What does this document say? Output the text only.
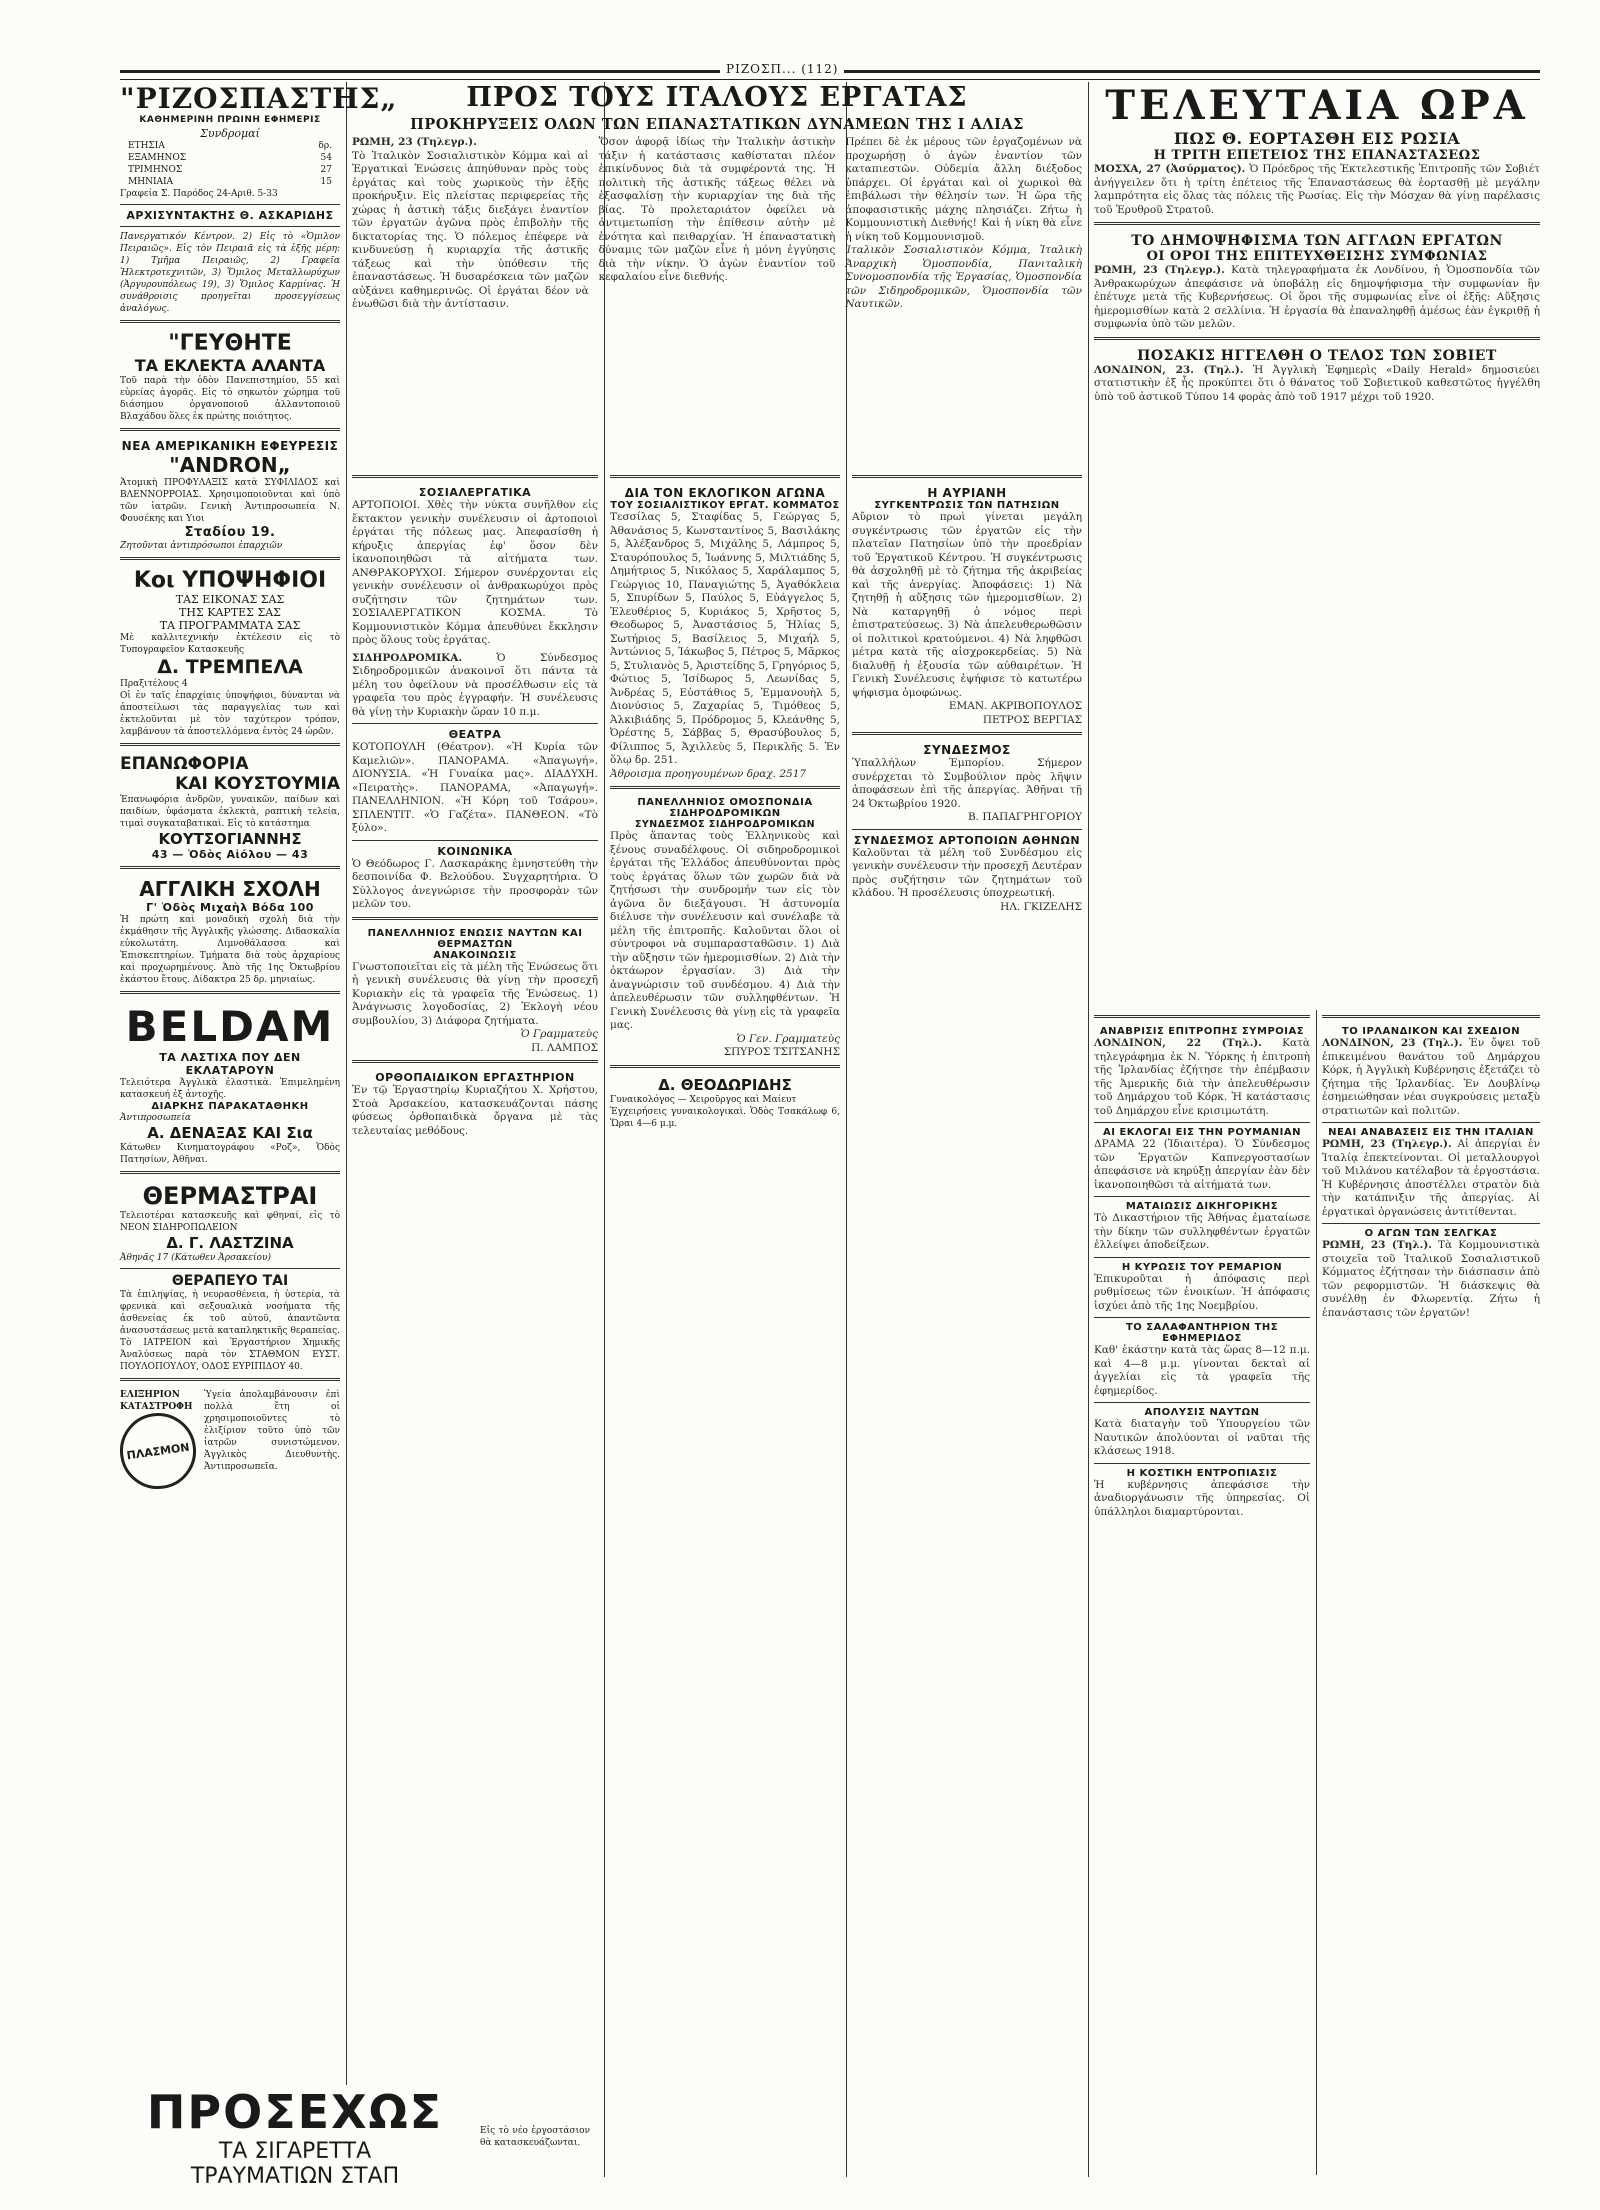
ΡΙΖΟΣΠ... (112)
"ΡΙΖΟΣΠΑΣΤΗΣ„
ΚΑΘΗΜΕΡΙΝΗ ΠΡΩΙΝΗ ΕΦΗΜΕΡΙΣ
Συνδρομαί
ΕΤΗΣΙΑ	δρ.
ΕΞΑΜΗΝΟΣ	54
ΤΡΙΜΗΝΟΣ	27
ΜΗΝΙΑΙΑ	15
Γραφεία Σ. Παρόδος 24-Αριθ. 5-33
ΑΡΧΙΣΥΝΤΑΚΤΗΣ Θ. ΑΣΚΑΡΙΔΗΣ
Πανεργατικόν Κέντρον. 2) Εἰς τὸ «Ὁμιλον Πειραιῶς». Εἰς τὸν Πειραιᾶ εἰς τὰ ἑξῆς μέρη: 1) Τμῆμα Πειραιῶς, 2) Γραφεῖα Ἠλεκτροτεχνιτῶν, 3) Ὅμιλος Μεταλλωρύχων (Ἀργυρουπόλεως 19), 3) Ὅμιλος Καρμίνας. Ἡ συνάθροισις προηγεῖται προσεγγίσεως ἀναλόγως.
"ΓΕΥΘΗΤΕ
ΤΑ ΕΚΛΕΚΤΑ ΑΛΑΝΤΑ
Τοῦ παρὰ τὴν ὁδὸν Πανεπιστημίου, 55 καὶ εὐρείας ἀγορᾶς. Εἰς τὸ σηκωτὸν χώρημα τοῦ διάσημου ὀργανοποιοῦ ἀλλαντοποιοῦ Βλαχάδου ὅλες ἐκ πρώτης ποιότητος.
ΝΕΑ ΑΜΕΡΙΚΑΝΙΚΗ ΕΦΕΥΡΕΣΙΣ
"ANDRON„
Ἀτομικὴ ΠΡΟΦΥΛΑΞΙΣ κατὰ ΣΥΦΙΛΙΔΟΣ καὶ ΒΛΕΝΝΟΡΡΟΙΑΣ. Χρησιμοποιοῦνται καὶ ὑπὸ τῶν ἰατρῶν. Γενικὴ Ἀντιπροσωπεία Ν. Φουσέκης και Υιοι
Σταδίου 19.
Ζητοῦνται ἀντιπρόσωποι ἐπαρχιῶν
Κοι ΥΠΟΨΗΦΙΟΙ
ΤΑΣ ΕΙΚΟΝΑΣ ΣΑΣ
ΤΗΣ ΚΑΡΤΕΣ ΣΑΣ
ΤΑ ΠΡΟΓΡΑΜΜΑΤΑ ΣΑΣ
Μὲ καλλιτεχνικὴν ἐκτέλεσιν εἰς τὸ Τυπογραφεῖον Κατασκευῆς
Δ. ΤΡΕΜΠΕΛΑ
Πραξιτέλους 4
Οἱ ἐν ταῖς ἐπαρχίαις ὑποψήφιοι, δύνανται νὰ ἀποστείλωσι τὰς παραγγελίας των καὶ ἐκτελοῦνται μὲ τὸν ταχύτερον τρόπον, λαμβάνουν τὰ ἀποστελλόμενα ἐντὸς 24 ὡρῶν.
ΕΠΑΝΩΦΟΡΙΑ
ΚΑΙ ΚΟΥΣΤΟΥΜΙΑ
Ἐπανωφόρια ἀνδρῶν, γυναικῶν, παίδων καὶ παιδίων, ὑφάσματα ἐκλεκτὰ, ραπτικὴ τελεία, τιμαὶ συγκαταβατικαὶ. Εἰς τὸ κατάστημα
ΚΟΥΤΣΟΓΙΑΝΝΗΣ
43 — Ὁδὸς Αἰόλου — 43
ΑΓΓΛΙΚΗ ΣΧΟΛΗ
Γ' Ὁδὸς Μιχαὴλ Βόδα 100
Ἡ πρώτη καὶ μοναδικὴ σχολὴ διὰ τὴν ἐκμάθησιν τῆς Ἀγγλικῆς γλώσσης. Διδασκαλία εὐκολωτάτη. Λιμνοθάλασσα καὶ Ἐπισκεπτηρίων. Τμήματα διὰ τοὺς ἀρχαρίους καὶ προχωρημένους. Ἀπὸ τῆς 1ης Ὀκτωβρίου ἑκάστου ἔτους. Δίδακτρα 25 δρ. μηνιαίως.
BELDAM
ΤΑ ΛΑΣΤΙΧΑ ΠΟΥ ΔΕΝ ΕΚΛΑΤΑΡΟΥΝ
Τελειότερα Ἀγγλικὰ ἐλαστικὰ. Ἐπιμελημένη κατασκευή ἐξ ἀντοχῆς.
ΔΙΑΡΚΗΣ ΠΑΡΑΚΑΤΑΘΗΚΗ
Ἀντιπροσωπεία
Α. ΔΕΝΑΞΑΣ ΚΑΙ Σια
Κάτωθεν Κινηματογράφου «Ροζ», Ὁδὸς Πατησίων, Ἀθῆναι.
ΘΕΡΜΑΣΤΡΑΙ
Τελειοτέραι κατασκευῆς καὶ φθηναί, εἰς τὸ ΝΕΟΝ ΣΙΔΗΡΟΠΩΛΕΙΟΝ
Δ. Γ. ΛΑΣΤΖΙΝΑ
Ἀθηνᾶς 17 (Κάτωθεν Ἀρσακείου)
ΘΕΡΑΠΕΥΟ ΤΑΙ
Τὰ ἐπιληψίας, ἡ νευρασθένεια, ἡ ὑστερία, τὰ φρενικὰ καὶ σεξουαλικὰ νοσήματα τῆς ἀσθενείας ἐκ τοῦ αὐτοῦ, ἀπαντῶντα ἀνασυστάσεως μετὰ καταπληκτικῆς θεραπείας. Τὸ ΙΑΤΡΕΙΟΝ καὶ Ἐργαστήριον Χημικῆς Ἀναλύσεως παρὰ τὸν ΣΤΑΘΜΟΝ ΕΥΣΤ. ΠΟΥΛΟΠΟΥΛΟΥ, ΟΔΟΣ ΕΥΡΙΠΙΔΟΥ 40.
ΕΛΙΞΗΡΙΟΝ ΚΑΤΑΣΤΡΟΦΗ
ΠΛΑΣΜΟΝ
Ὑγεία ἀπολαμβάνουσιν ἐπὶ πολλὰ ἔτη οἱ χρησιμοποιοῦντες τὸ ἐλιξίριον τοῦτο ὑπὸ τῶν ἰατρῶν συνιστώμενον. Ἀγγλικὸς Διευθυντὴς. Ἀντιπροσωπεῖα.
ΠΡΟΣ ΤΟΥΣ ΙΤΑΛΟΥΣ ΕΡΓΑΤΑΣ
ΠΡΟΚΗΡΥΞΕΙΣ ΟΛΩΝ ΤΩΝ ΕΠΑΝΑΣΤΑΤΙΚΩΝ ΔΥΝΑΜΕΩΝ ΤΗΣ Ι ΑΛΙΑΣ
ΡΩΜΗ, 23 (Τηλεγρ.).
Τὸ Ἰταλικὸν Σοσιαλιστικὸν Κόμμα καὶ αἱ Ἐργατικαὶ Ἑνώσεις ἀπηύθυναν πρὸς τοὺς ἐργάτας καὶ τοὺς χωρικοὺς τὴν ἑξῆς προκήρυξιν. Εἰς πλείστας περιφερείας τῆς χώρας ἡ ἀστικὴ τάξις διεξάγει ἐναντίον τῶν ἐργατῶν ἀγῶνα πρὸς ἐπιβολὴν τῆς δικτατορίας της. Ὁ πόλεμος ἐπέφερε νὰ κινδυνεύσῃ ἡ κυριαρχία τῆς ἀστικῆς τάξεως καὶ τὴν ὑπόθεσιν τῆς ἐπαναστάσεως. Ἡ δυσαρέσκεια τῶν μαζῶν αὐξάνει καθημερινῶς. Οἱ ἐργάται δέον νὰ ἑνωθῶσι διὰ τὴν ἀντίστασιν.
Ὅσον ἀφορᾷ ἰδίως τὴν Ἰταλικὴν ἀστικὴν τάξιν ἡ κατάστασις καθίσταται πλέον ἐπικίνδυνος διὰ τὰ συμφέροντά της. Ἡ πολιτικὴ τῆς ἀστικῆς τάξεως θέλει νὰ ἐξασφαλίσῃ τὴν κυριαρχίαν της διὰ τῆς βίας. Τὸ προλεταριάτον ὀφείλει νὰ ἀντιμετωπίσῃ τὴν ἐπίθεσιν αὐτὴν μὲ ἑνότητα καὶ πειθαρχίαν. Ἡ ἐπαναστατικὴ δύναμις τῶν μαζῶν εἶνε ἡ μόνη ἐγγύησις διὰ τὴν νίκην. Ὁ ἀγὼν ἐναντίον τοῦ κεφαλαίου εἶνε διεθνής.
Πρέπει δὲ ἐκ μέρους τῶν ἐργαζομένων νὰ προχωρήσῃ ὁ ἀγὼν ἐναντίον τῶν καταπιεστῶν. Οὐδεμία ἄλλη διέξοδος ὑπάρχει. Οἱ ἐργάται καὶ οἱ χωρικοὶ θὰ ἐπιβάλωσι τὴν θέλησίν των. Ἡ ὥρα τῆς ἀποφασιστικῆς μάχης πλησιάζει. Ζήτω ἡ Κομμουνιστικὴ Διεθνής! Καὶ ἡ νίκη θὰ εἶνε ἡ νίκη τοῦ Κομμουνισμοῦ.
Ἰταλικὸν Σοσιαλιστικὸν Κόμμα, Ἰταλικὴ Ἀναρχικὴ Ὁμοσπονδία, Πανιταλικὴ Συνομοσπονδία τῆς Ἐργασίας, Ὁμοσπονδία τῶν Σιδηροδρομικῶν, Ὁμοσπονδία τῶν Ναυτικῶν.
ΣΟΣΙΑΛΕΡΓΑΤΙΚΑ
ΑΡΤΟΠΟΙΟΙ. Χθὲς τὴν νύκτα συνῆλθον εἰς ἔκτακτον γενικὴν συνέλευσιν οἱ ἀρτοποιοὶ ἐργάται τῆς πόλεως μας. Ἀπεφασίσθη ἡ κήρυξις ἀπεργίας ἐφ' ὅσον δὲν ἱκανοποιηθῶσι τὰ αἰτήματα των. ΑΝΘΡΑΚΟΡΥΧΟΙ. Σήμερον συνέρχονται εἰς γενικὴν συνέλευσιν οἱ ἀνθρακωρύχοι πρὸς συζήτησιν τῶν ζητημάτων των. ΣΟΣΙΑΛΕΡΓΑΤΙΚΟΝ ΚΟΣΜΑ. Τὸ Κομμουνιστικὸν Κόμμα ἀπευθύνει ἔκκλησιν πρὸς ὅλους τοὺς ἐργάτας.
ΣΙΔΗΡΟΔΡΟΜΙΚΑ.	Ὁ Σύνδεσμος Σιδηροδρομικῶν ἀνακοινοῖ ὅτι πάντα τὰ μέλη του ὀφείλουν νὰ προσέλθωσιν εἰς τὰ γραφεῖα του πρὸς ἐγγραφήν. Ἡ συνέλευσις θὰ γίνῃ τὴν Κυριακὴν ὥραν 10 π.μ.
ΘΕΑΤΡΑ
ΚΟΤΟΠΟΥΛΗ (Θέατρον). «Ἡ Κυρία τῶν Καμελιῶν». ΠΑΝΟΡΑΜΑ. «Ἀπαγωγή». ΔΙΟΝΥΣΙΑ. «Ἡ Γυναίκα μας». ΔΙΑΔΥΧΗ. «Πειρατὴς». ΠΑΝΟΡΑΜΑ, «Ἀπαγωγή». ΠΑΝΕΛΛΗΝΙΟΝ. «Ἡ Κόρη τοῦ Τσάρου». ΣΠΛΕΝΤΙΤ. «Ὁ Γαζέτα». ΠΑΝΘΕΟΝ. «Τὸ ξύλο».
ΚΟΙΝΩΝΙΚΑ
Ὁ Θεόδωρος Γ. Λασκαράκης ἐμνηστεύθη τὴν δεσποινίδα Φ. Βελούδου. Συγχαρητήρια. Ὁ Σύλλογος ἀνεγνώρισε τὴν προσφορὰν τῶν μελῶν του.
ΠΑΝΕΛΛΗΝΙΟΣ ΕΝΩΣΙΣ ΝΑΥΤΩΝ ΚΑΙ ΘΕΡΜΑΣΤΩΝ
ΑΝΑΚΟΙΝΩΣΙΣ
Γνωστοποιεῖται εἰς τὰ μέλη τῆς Ἑνώσεως ὅτι ἡ γενικὴ συνέλευσις θὰ γίνῃ τὴν προσεχῆ Κυριακὴν εἰς τὰ γραφεῖα τῆς Ἑνώσεως. 1) Ἀνάγνωσις λογοδοσίας, 2) Ἐκλογὴ νέου συμβουλίου, 3) Διάφορα ζητήματα.
Ὁ Γραμματεὺς
Π. ΛΑΜΠΟΣ
ΟΡΘΟΠΑΙΔΙΚΟΝ ΕΡΓΑΣΤΗΡΙΟΝ
Ἐν τῷ Ἐργαστηρίῳ Κυριαζήτου Χ. Χρήστου, Στοὰ Ἀρσακείου, κατασκευάζονται πάσης φύσεως ὀρθοπαιδικὰ ὄργανα μὲ τὰς τελευταίας μεθόδους.
ΔΙΑ ΤΟΝ ΕΚΛΟΓΙΚΟΝ ΑΓΩΝΑ
ΤΟΥ ΣΟΣΙΑΛΙΣΤΙΚΟΥ ΕΡΓΑΤ. ΚΟΜΜΑΤΟΣ
Τεσσίλας 5, Σταφίδας 5, Γεώργας 5, Ἀθανάσιος 5, Κωνσταντίνος 5, Βασιλάκης 5, Ἀλέξανδρος 5, Μιχάλης 5, Λάμπρος 5, Σταυρόπουλος 5, Ἰωάννης 5, Μιλτιάδης 5, Δημήτριος 5, Νικόλαος 5, Χαράλαμπος 5, Γεώργιος 10, Παναγιώτης 5, Ἀγαθόκλεια 5, Σπυρίδων 5, Παύλος 5, Εὐάγγελος 5, Ἐλευθέριος 5, Κυριάκος 5, Χρῆστος 5, Θεοδωρος 5, Ἀναστάσιος 5, Ἠλίας 5, Σωτήριος 5, Βασίλειος 5, Μιχαήλ 5, Ἀντώνιος 5, Ἰάκωβος 5, Πέτρος 5, Μᾶρκος 5, Στυλιανὸς 5, Ἀριστείδης 5, Γρηγόριος 5, Φώτιος 5, Ἰσίδωρος 5, Λεωνίδας 5, Ἀνδρέας 5, Εὐστάθιος 5, Ἐμμανουὴλ 5, Διονύσιος 5, Ζαχαρίας 5, Τιμόθεος 5, Ἀλκιβιάδης 5, Πρόδρομος 5, Κλεάνθης 5, Ὀρέστης 5, Σάββας 5, Θρασύβουλος 5, Φίλιππος 5, Ἀχιλλεὺς 5, Περικλῆς 5. Ἐν ὅλῳ δρ. 251.
Ἀθροισμα προηγουμένων δραχ. 2517
ΠΑΝΕΛΛΗΝΙΟΣ ΟΜΟΣΠΟΝΔΙΑ ΣΙΔΗΡΟΔΡΟΜΙΚΩΝ
ΣΥΝΔΕΣΜΟΣ ΣΙΔΗΡΟΔΡΟΜΙΚΩΝ
Πρὸς ἅπαντας τοὺς Ἑλληνικοὺς καὶ ξένους συναδέλφους. Οἱ σιδηροδρομικοὶ ἐργάται τῆς Ἑλλάδος ἀπευθύνονται πρὸς τοὺς ἐργάτας ὅλων τῶν χωρῶν διὰ νὰ ζητήσωσι τὴν συνδρομήν των εἰς τὸν ἀγῶνα ὃν διεξάγουσι. Ἡ ἀστυνομία διέλυσε τὴν συνέλευσιν καὶ συνέλαβε τὰ μέλη τῆς ἐπιτροπῆς. Καλοῦνται ὅλοι οἱ σύντροφοι νὰ συμπαρασταθῶσιν. 1) Διὰ τὴν αὔξησιν τῶν ἡμερομισθίων. 2) Διὰ τὴν ὀκτάωρον ἐργασίαν. 3) Διὰ τὴν ἀναγνώρισιν τοῦ συνδέσμου. 4) Διὰ τὴν ἀπελευθέρωσιν τῶν συλληφθέντων. Ἡ Γενικὴ Συνέλευσις θὰ γίνῃ εἰς τὰ γραφεῖα μας.
Ὁ Γεν. Γραμματεὺς
ΣΠΥΡΟΣ ΤΣΙΤΣΑΝΗΣ
Δ. ΘΕΟΔΩΡΙΔΗΣ
Γυναικολόγος — Χειροῦργος καὶ Μαίευτ
Ἐγχειρήσεις γυναικολογικαὶ. Ὁδὸς Τσακάλωφ 6, Ὥραι 4—6 μ.μ.
Η ΑΥΡΙΑΝΗ
ΣΥΓΚΕΝΤΡΩΣΙΣ ΤΩΝ ΠΑΤΗΣΙΩΝ
Αὔριον τὸ πρωὶ γίνεται μεγάλη συγκέντρωσις τῶν ἐργατῶν εἰς τὴν πλατεῖαν Πατησίων ὑπὸ τὴν προεδρίαν τοῦ Ἐργατικοῦ Κέντρου. Ἡ συγκέντρωσις θὰ ἀσχοληθῇ μὲ τὸ ζήτημα τῆς ἀκριβείας καὶ τῆς ἀνεργίας. Ἀποφάσεις: 1) Νὰ ζητηθῇ ἡ αὔξησις τῶν ἡμερομισθίων. 2) Νὰ καταργηθῇ ὁ νόμος περὶ ἐπιστρατεύσεως. 3) Νὰ ἀπελευθερωθῶσιν οἱ πολιτικοὶ κρατούμενοι. 4) Νὰ ληφθῶσι μέτρα κατὰ τῆς αἰσχροκερδείας. 5) Νὰ διαλυθῇ ἡ ἐξουσία τῶν αὐθαιρέτων. Ἡ Γενικὴ Συνέλευσις ἐψήφισε τὸ κατωτέρω ψήφισμα ὁμοφώνως.
ΕΜΑΝ. ΑΚΡΙΒΟΠΟΥΛΟΣ
ΠΕΤΡΟΣ ΒΕΡΓΙΑΣ
ΣΥΝΔΕΣΜΟΣ
Ὑπαλλήλων Ἐμπορίου. Σήμερον συνέρχεται τὸ Συμβούλιον πρὸς λῆψιν ἀποφάσεων ἐπὶ τῆς ἀπεργίας. Ἀθῆναι τῇ 24 Ὀκτωβρίου 1920.
Β. ΠΑΠΑΓΡΗΓΟΡΙΟΥ
ΣΥΝΔΕΣΜΟΣ ΑΡΤΟΠΟΙΩΝ ΑΘΗΝΩΝ
Καλοῦνται τὰ μέλη τοῦ Συνδέσμου εἰς γενικὴν συνέλευσιν τὴν προσεχῆ Δευτέραν πρὸς συζήτησιν τῶν ζητημάτων τοῦ κλάδου. Ἡ προσέλευσις ὑποχρεωτική.
ΗΛ. ΓΚΙΖΕΛΗΣ
ΤΕΛΕΥΤΑΙΑ ΩΡΑ
ΠΩΣ Θ. ΕΟΡΤΑΣΘΗ ΕΙΣ ΡΩΣΙΑ
Η ΤΡΙΤΗ ΕΠΕΤΕΙΟΣ ΤΗΣ ΕΠΑΝΑΣΤΑΣΕΩΣ
ΜΟΣΧΑ, 27 (Ἀσύρματος). Ὁ Πρόεδρος τῆς Ἐκτελεστικῆς Ἐπιτροπῆς τῶν Σοβιέτ ἀνήγγειλεν ὅτι ἡ τρίτη ἐπέτειος τῆς Ἐπαναστάσεως θὰ ἑορτασθῇ μὲ μεγάλην λαμπρότητα εἰς ὅλας τὰς πόλεις τῆς Ρωσίας. Εἰς τὴν Μόσχαν θὰ γίνῃ παρέλασις τοῦ Ἐρυθροῦ Στρατοῦ.
ΤΟ ΔΗΜΟΨΗΦΙΣΜΑ ΤΩΝ ΑΓΓΛΩΝ ΕΡΓΑΤΩΝ
ΟΙ ΟΡΟΙ ΤΗΣ ΕΠΙΤΕΥΧΘΕΙΣΗΣ ΣΥΜΦΩΝΙΑΣ
ΡΩΜΗ, 23 (Τηλεγρ.). Κατὰ τηλεγραφήματα ἐκ Λονδίνου, ἡ Ὁμοσπονδία τῶν Ἀνθρακωρύχων ἀπεφάσισε νὰ ὑποβάλῃ εἰς δημοψήφισμα τὴν συμφωνίαν ἣν ἐπέτυχε μετὰ τῆς Κυβερνήσεως. Οἱ ὅροι τῆς συμφωνίας εἶνε οἱ ἑξῆς: Αὔξησις ἡμερομισθίων κατὰ 2 σελλίνια. Ἡ ἐργασία θὰ ἐπαναληφθῇ ἀμέσως ἐὰν ἐγκριθῇ ἡ συμφωνία ὑπὸ τῶν μελῶν.
ΠΟΣΑΚΙΣ ΗΓΓΕΛΘΗ Ο ΤΕΛΟΣ ΤΩΝ ΣΟΒΙΕΤ
ΛΟΝΔΙΝΟΝ, 23. (Τηλ.). Ἡ Ἀγγλικὴ Ἐφημερὶς «Daily Herald» δημοσιεύει στατιστικὴν ἐξ ἧς προκύπτει ὅτι ὁ θάνατος τοῦ Σοβιετικοῦ καθεστῶτος ἠγγέλθη ὑπὸ τοῦ ἀστικοῦ Τύπου 14 φορὰς ἀπὸ τοῦ 1917 μέχρι τοῦ 1920.
ΑΝΑΒΡΙΣΙΣ ΕΠΙΤΡΟΠΗΣ ΣΥΜΡΟΙΑΣ
ΛΟΝΔΙΝΟΝ, 22 (Τηλ.). Κατὰ τηλεγράφημα ἐκ Ν. Ὑόρκης ἡ ἐπιτροπὴ τῆς Ἰρλανδίας ἐζήτησε τὴν ἐπέμβασιν τῆς Ἀμερικῆς διὰ τὴν ἀπελευθέρωσιν τοῦ Δημάρχου τοῦ Κόρκ. Ἡ κατάστασις τοῦ Δημάρχου εἶνε κρισιμωτάτη.
ΑΙ ΕΚΛΟΓΑΙ ΕΙΣ ΤΗΝ ΡΟΥΜΑΝΙΑΝ
ΔΡΑΜΑ 22 (Ἰδιαιτέρα). Ὁ Σύνδεσμος τῶν Ἐργατῶν Καπνεργοστασίων ἀπεφάσισε νὰ κηρύξῃ ἀπεργίαν ἐὰν δὲν ἱκανοποιηθῶσι τὰ αἰτήματά των.
ΜΑΤΑΙΩΣΙΣ ΔΙΚΗΓΟΡΙΚΗΣ
Τὸ Δικαστήριον τῆς Ἀθήνας ἐματαίωσε τὴν δίκην τῶν συλληφθέντων ἐργατῶν ἐλλείψει ἀποδείξεων.
Η ΚΥΡΩΣΙΣ ΤΟΥ ΡΕΜΑΡΙΟΝ
Ἐπικυροῦται ἡ ἀπόφασις περὶ ρυθμίσεως τῶν ἐνοικίων. Ἡ ἀπόφασις ἰσχύει ἀπὸ τῆς 1ης Νοεμβρίου.
ΤΟ ΣΑΛΑΦΑΝΤΗΡΙΟΝ ΤΗΣ ΕΦΗΜΕΡΙΔΟΣ
Καθ' ἑκάστην κατὰ τὰς ὥρας 8—12 π.μ. καὶ 4—8 μ.μ. γίνονται δεκταὶ αἱ ἀγγελίαι εἰς τὰ γραφεῖα τῆς ἐφημερίδος.
ΑΠΟΛΥΣΙΣ ΝΑΥΤΩΝ
Κατὰ διαταγὴν τοῦ Ὑπουργείου τῶν Ναυτικῶν ἀπολύονται οἱ ναῦται τῆς κλάσεως 1918.
Η ΚΟΣΤΙΚΗ ΕΝΤΡΟΠΙΑΣΙΣ
Ἡ κυβέρνησις ἀπεφάσισε τὴν ἀναδιοργάνωσιν τῆς ὑπηρεσίας. Οἱ ὑπάλληλοι διαμαρτύρονται.
ΤΟ ΙΡΛΑΝΔΙΚΟΝ ΚΑΙ ΣΧΕΔΙΟΝ
ΛΟΝΔΙΝΟΝ, 23 (Τηλ.). Ἐν ὄψει τοῦ ἐπικειμένου θανάτου τοῦ Δημάρχου Κόρκ, ἡ Ἀγγλικὴ Κυβέρνησις ἐξετάζει τὸ ζήτημα τῆς Ἰρλανδίας. Ἐν Δουβλίνῳ ἐσημειώθησαν νέαι συγκρούσεις μεταξὺ στρατιωτῶν καὶ πολιτῶν.
ΝΕΑΙ ΑΝΑΒΑΣΕΙΣ ΕΙΣ ΤΗΝ ΙΤΑΛΙΑΝ
ΡΩΜΗ, 23 (Τηλεγρ.). Αἱ ἀπεργίαι ἐν Ἰταλίᾳ ἐπεκτείνονται. Οἱ μεταλλουργοὶ τοῦ Μιλάνου κατέλαβον τὰ ἐργοστάσια. Ἡ Κυβέρνησις ἀποστέλλει στρατὸν διὰ τὴν κατάπνιξιν τῆς ἀπεργίας. Αἱ ἐργατικαὶ ὀργανώσεις ἀντιτίθενται.
Ο ΑΓΩΝ ΤΩΝ ΣΕΛΓΚΑΣ
ΡΩΜΗ, 23 (Τηλ.). Τὰ Κομμουνιστικὰ στοιχεῖα τοῦ Ἰταλικοῦ Σοσιαλιστικοῦ Κόμματος ἐζήτησαν τὴν διάσπασιν ἀπὸ τῶν ρεφορμιστῶν. Ἡ διάσκεψις θὰ συνέλθῃ ἐν Φλωρεντίᾳ. Ζήτω ἡ ἐπανάστασις τῶν ἐργατῶν!
ΠΡΟΣΕΧΩΣ
ΤΑ ΣΙΓΑΡΕΤΤΑ
ΤΡΑΥΜΑΤΙΩΝ ΣΤΑΠ
Εἰς τὸ νέο ἐργοστάσιον θὰ κατασκευάζωνται.
